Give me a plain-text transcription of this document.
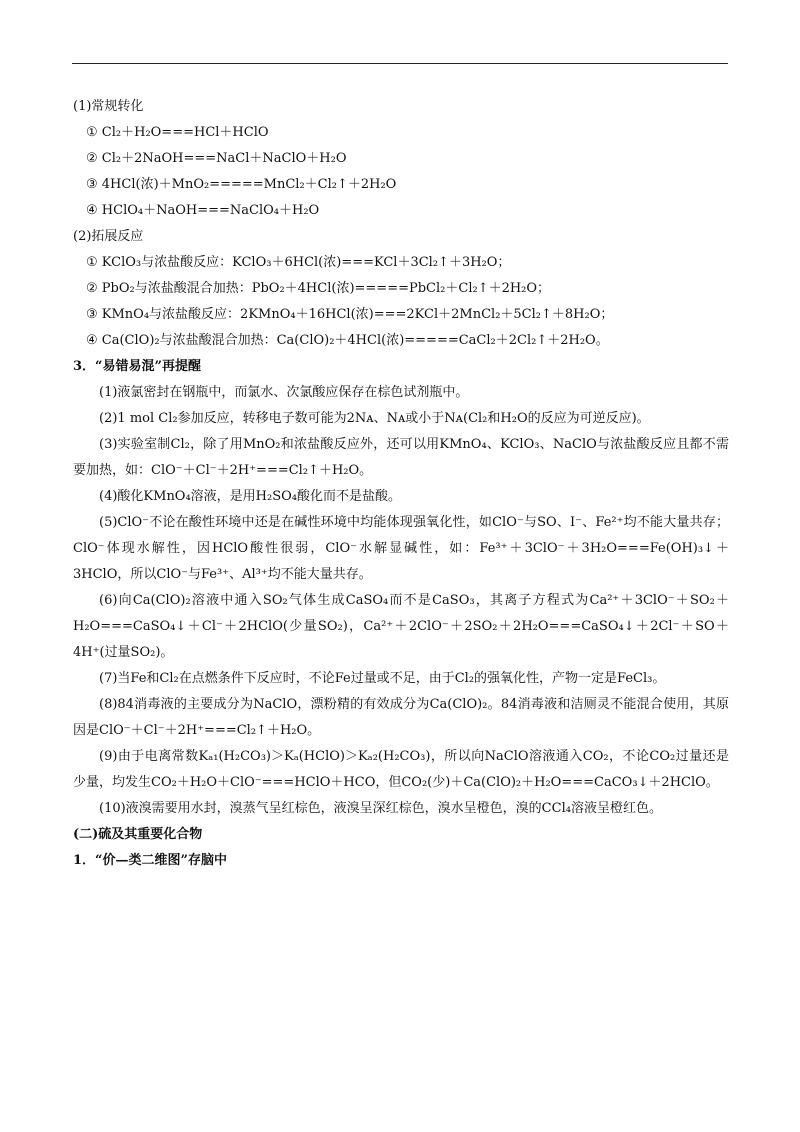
(1)常规转化
① Cl₂＋H₂O===HCl＋HClO
② Cl₂＋2NaOH===NaCl＋NaClO＋H₂O
③ 4HCl(浓)＋MnO₂=====MnCl₂＋Cl₂↑＋2H₂O
④ HClO₄＋NaOH===NaClO₄＋H₂O
(2)拓展反应
① KClO₃与浓盐酸反应：KClO₃＋6HCl(浓)===KCl＋3Cl₂↑＋3H₂O；
② PbO₂与浓盐酸混合加热：PbO₂＋4HCl(浓)=====PbCl₂＋Cl₂↑＋2H₂O；
③ KMnO₄与浓盐酸反应：2KMnO₄＋16HCl(浓)===2KCl＋2MnCl₂＋5Cl₂↑＋8H₂O；
④ Ca(ClO)₂与浓盐酸混合加热：Ca(ClO)₂＋4HCl(浓)=====CaCl₂＋2Cl₂↑＋2H₂O。
3．“易错易混”再提醒
(1)液氯密封在钢瓶中，而氯水、次氯酸应保存在棕色试剂瓶中。
(2)1 mol Cl₂参加反应，转移电子数可能为2Nᴀ、Nᴀ或小于Nᴀ(Cl₂和H₂O的反应为可逆反应)。
(3)实验室制Cl₂，除了用MnO₂和浓盐酸反应外，还可以用KMnO₄、KClO₃、NaClO与浓盐酸反应且都不需要加热，如：ClO⁻＋Cl⁻＋2H⁺===Cl₂↑＋H₂O。
(4)酸化KMnO₄溶液，是用H₂SO₄酸化而不是盐酸。
(5)ClO⁻不论在酸性环境中还是在碱性环境中均能体现强氧化性，如ClO⁻与SO、I⁻、Fe²⁺均不能大量共存；ClO⁻体现水解性，因HClO酸性很弱，ClO⁻水解显碱性，如：Fe³⁺＋3ClO⁻＋3H₂O===Fe(OH)₃↓＋3HClO，所以ClO⁻与Fe³⁺、Al³⁺均不能大量共存。
(6)向Ca(ClO)₂溶液中通入SO₂气体生成CaSO₄而不是CaSO₃，其离子方程式为Ca²⁺＋3ClO⁻＋SO₂＋H₂O===CaSO₄↓＋Cl⁻＋2HClO(少量SO₂)，Ca²⁺＋2ClO⁻＋2SO₂＋2H₂O===CaSO₄↓＋2Cl⁻＋SO＋4H⁺(过量SO₂)。
(7)当Fe和Cl₂在点燃条件下反应时，不论Fe过量或不足，由于Cl₂的强氧化性，产物一定是FeCl₃。
(8)84消毒液的主要成分为NaClO，漂粉精的有效成分为Ca(ClO)₂。84消毒液和洁厕灵不能混合使用，其原因是ClO⁻＋Cl⁻＋2H⁺===Cl₂↑＋H₂O。
(9)由于电离常数Kₐ₁(H₂CO₃)＞Kₐ(HClO)＞Kₐ₂(H₂CO₃)，所以向NaClO溶液通入CO₂，不论CO₂过量还是少量，均发生CO₂＋H₂O＋ClO⁻===HClO＋HCO，但CO₂(少)＋Ca(ClO)₂＋H₂O===CaCO₃↓＋2HClO。
(10)液溴需要用水封，溴蒸气呈红棕色，液溴呈深红棕色，溴水呈橙色，溴的CCl₄溶液呈橙红色。
(二)硫及其重要化合物
1．“价—类二维图”存脑中
